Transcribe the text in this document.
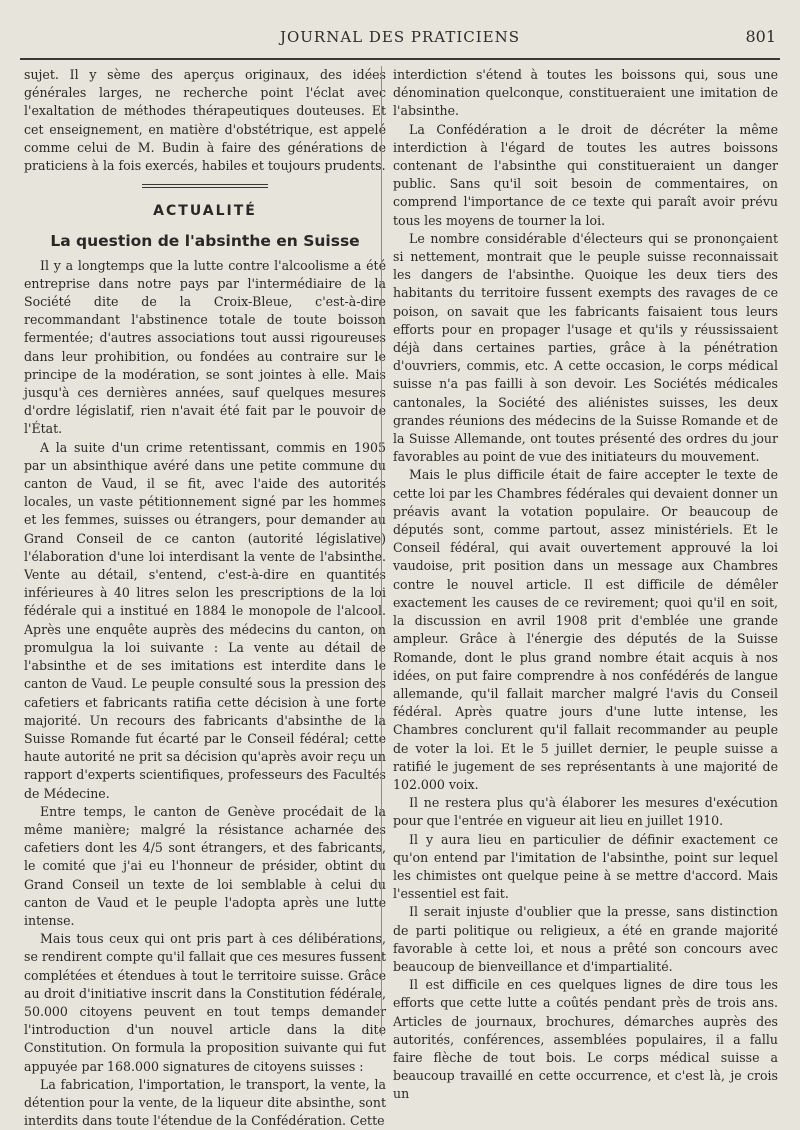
JOURNAL DES PRATICIENS	801

sujet. Il y sème des aperçus originaux, des idées générales larges, ne recherche point l'éclat avec l'exaltation de méthodes thérapeutiques douteuses. Et cet enseignement, en matière d'obstétrique, est appelé comme celui de M. Budin à faire des générations de praticiens à la fois exercés, habiles et toujours prudents.

ACTUALITÉ
La question de l'absinthe en Suisse

Il y a longtemps que la lutte contre l'alcoolisme a été entreprise dans notre pays par l'intermédiaire de la Société dite de la Croix-Bleue, c'est-à-dire recommandant l'abstinence totale de toute boisson fermentée; d'autres associations tout aussi rigoureuses dans leur prohibition, ou fondées au contraire sur le principe de la modération, se sont jointes à elle. Mais jusqu'à ces dernières années, sauf quelques mesures d'ordre législatif, rien n'avait été fait par le pouvoir de l'État.

A la suite d'un crime retentissant, commis en 1905 par un absinthique avéré dans une petite commune du canton de Vaud, il se fit, avec l'aide des autorités locales, un vaste pétitionnement signé par les hommes et les femmes, suisses ou étrangers, pour demander au Grand Conseil de ce canton (autorité législative) l'élaboration d'une loi interdisant la vente de l'absinthe. Vente au détail, s'entend, c'est-à-dire en quantités inférieures à 40 litres selon les prescriptions de la loi fédérale qui a institué en 1884 le monopole de l'alcool. Après une enquête auprès des médecins du canton, on promulgua la loi suivante : La vente au détail de l'absinthe et de ses imitations est interdite dans le canton de Vaud. Le peuple consulté sous la pression des cafetiers et fabricants ratifia cette décision à une forte majorité. Un recours des fabricants d'absinthe de la Suisse Romande fut écarté par le Conseil fédéral; cette haute autorité ne prit sa décision qu'après avoir reçu un rapport d'experts scientifiques, professeurs des Facultés de Médecine.

Entre temps, le canton de Genève procédait de la même manière; malgré la résistance acharnée des cafetiers dont les 4/5 sont étrangers, et des fabricants, le comité que j'ai eu l'honneur de présider, obtint du Grand Conseil un texte de loi semblable à celui du canton de Vaud et le peuple l'adopta après une lutte intense.

Mais tous ceux qui ont pris part à ces délibérations, se rendirent compte qu'il fallait que ces mesures fussent complétées et étendues à tout le territoire suisse. Grâce au droit d'initiative inscrit dans la Constitution fédérale, 50.000 citoyens peuvent en tout temps demander l'introduction d'un nouvel article dans la dite Constitution. On formula la proposition suivante qui fut appuyée par 168.000 signatures de citoyens suisses :

La fabrication, l'importation, le transport, la vente, la détention pour la vente, de la liqueur dite absinthe, sont interdits dans toute l'étendue de la Confédération. Cette

interdiction s'étend à toutes les boissons qui, sous une dénomination quelconque, constitueraient une imitation de l'absinthe.

La Confédération a le droit de décréter la même interdiction à l'égard de toutes les autres boissons contenant de l'absinthe qui constitueraient un danger public. Sans qu'il soit besoin de commentaires, on comprend l'importance de ce texte qui paraît avoir prévu tous les moyens de tourner la loi.

Le nombre considérable d'électeurs qui se prononçaient si nettement, montrait que le peuple suisse reconnaissait les dangers de l'absinthe. Quoique les deux tiers des habitants du territoire fussent exempts des ravages de ce poison, on savait que les fabricants faisaient tous leurs efforts pour en propager l'usage et qu'ils y réussissaient déjà dans certaines parties, grâce à la pénétration d'ouvriers, commis, etc. A cette occasion, le corps médical suisse n'a pas failli à son devoir. Les Sociétés médicales cantonales, la Société des aliénistes suisses, les deux grandes réunions des médecins de la Suisse Romande et de la Suisse Allemande, ont toutes présenté des ordres du jour favorables au point de vue des initiateurs du mouvement.

Mais le plus difficile était de faire accepter le texte de cette loi par les Chambres fédérales qui devaient donner un préavis avant la votation populaire. Or beaucoup de députés sont, comme partout, assez ministériels. Et le Conseil fédéral, qui avait ouvertement approuvé la loi vaudoise, prit position dans un message aux Chambres contre le nouvel article. Il est difficile de démêler exactement les causes de ce revirement; quoi qu'il en soit, la discussion en avril 1908 prit d'emblée une grande ampleur. Grâce à l'énergie des députés de la Suisse Romande, dont le plus grand nombre était acquis à nos idées, on put faire comprendre à nos confédérés de langue allemande, qu'il fallait marcher malgré l'avis du Conseil fédéral. Après quatre jours d'une lutte intense, les Chambres conclurent qu'il fallait recommander au peuple de voter la loi. Et le 5 juillet dernier, le peuple suisse a ratifié le jugement de ses représentants à une majorité de 102.000 voix.

Il ne restera plus qu'à élaborer les mesures d'exécution pour que l'entrée en vigueur ait lieu en juillet 1910.

Il y aura lieu en particulier de définir exactement ce qu'on entend par l'imitation de l'absinthe, point sur lequel les chimistes ont quelque peine à se mettre d'accord. Mais l'essentiel est fait.

Il serait injuste d'oublier que la presse, sans distinction de parti politique ou religieux, a été en grande majorité favorable à cette loi, et nous a prêté son concours avec beaucoup de bienveillance et d'impartialité.

Il est difficile en ces quelques lignes de dire tous les efforts que cette lutte a coûtés pendant près de trois ans. Articles de journaux, brochures, démarches auprès des autorités, conférences, assemblées populaires, il a fallu faire flèche de tout bois. Le corps médical suisse a beaucoup travaillé en cette occurrence, et c'est là, je crois un
